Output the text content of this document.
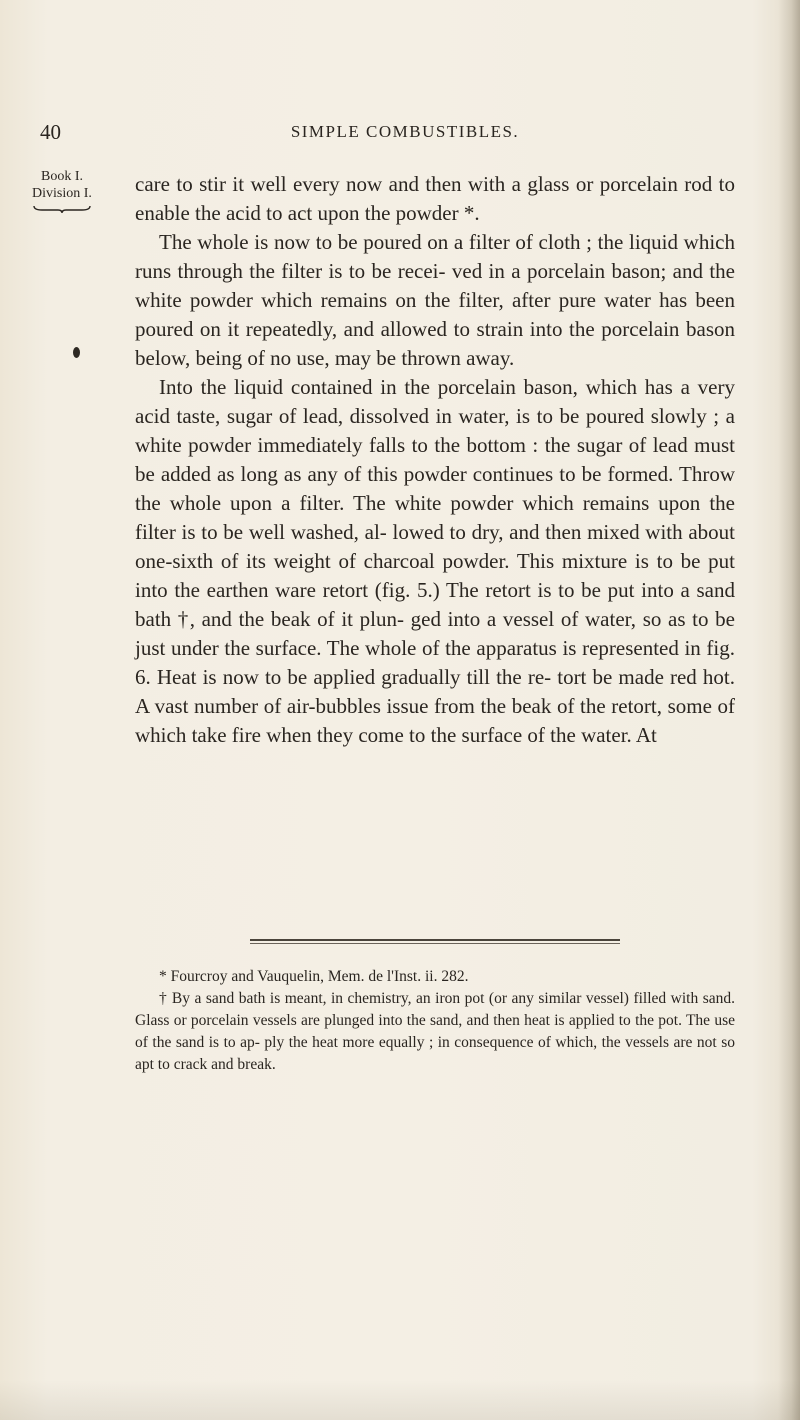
40	SIMPLE COMBUSTIBLES.
Book I.
Division I. care to stir it well every now and then with a glass or porcelain rod to enable the acid to act upon the powder *.

The whole is now to be poured on a filter of cloth ; the liquid which runs through the filter is to be recei- ved in a porcelain bason; and the white powder which remains on the filter, after pure water has been poured on it repeatedly, and allowed to strain into the porcelain bason below, being of no use, may be thrown away.

Into the liquid contained in the porcelain bason, which has a very acid taste, sugar of lead, dissolved in water, is to be poured slowly ; a white powder immediately falls to the bottom : the sugar of lead must be added as long as any of this powder continues to be formed. Throw the whole upon a filter. The white powder which remains upon the filter is to be well washed, al- lowed to dry, and then mixed with about one-sixth of its weight of charcoal powder. This mixture is to be put into the earthen ware retort (fig. 5.) The retort is to be put into a sand bath †, and the beak of it plun- ged into a vessel of water, so as to be just under the surface. The whole of the apparatus is represented in fig. 6. Heat is now to be applied gradually till the re- tort be made red hot. A vast number of air-bubbles issue from the beak of the retort, some of which take fire when they come to the surface of the water. At

* Fourcroy and Vauquelin, Mem. de l'Inst. ii. 282.

† By a sand bath is meant, in chemistry, an iron pot (or any similar vessel) filled with sand. Glass or porcelain vessels are plunged into the sand, and then heat is applied to the pot. The use of the sand is to ap- ply the heat more equally ; in consequence of which, the vessels are not so apt to crack and break.
